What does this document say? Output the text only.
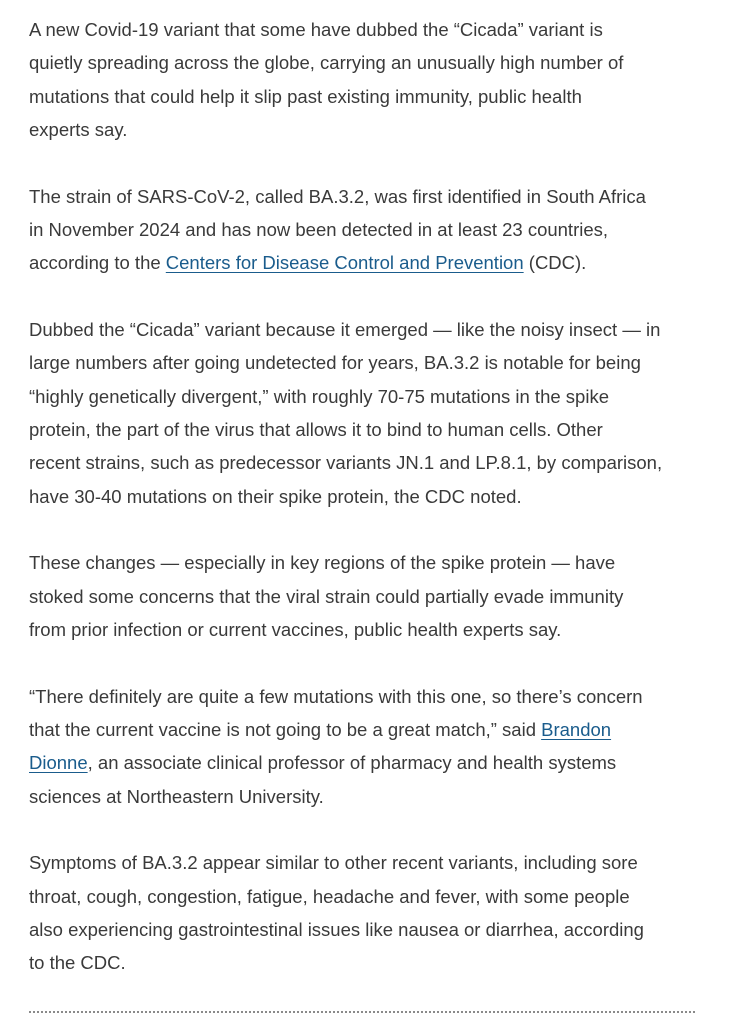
A new Covid-19 variant that some have dubbed the “Cicada” variant is
quietly spreading across the globe, carrying an unusually high number of
mutations that could help it slip past existing immunity, public health
experts say.

The strain of SARS-CoV-2, called BA.3.2, was first identified in South Africa
in November 2024 and has now been detected in at least 23 countries,
according to the Centers for Disease Control and Prevention (CDC).

Dubbed the “Cicada” variant because it emerged — like the noisy insect — in
large numbers after going undetected for years, BA.3.2 is notable for being
“highly genetically divergent,” with roughly 70-75 mutations in the spike
protein, the part of the virus that allows it to bind to human cells. Other
recent strains, such as predecessor variants JN.1 and LP.8.1, by comparison,
have 30-40 mutations on their spike protein, the CDC noted.

These changes — especially in key regions of the spike protein — have
stoked some concerns that the viral strain could partially evade immunity
from prior infection or current vaccines, public health experts say.

“There definitely are quite a few mutations with this one, so there’s concern
that the current vaccine is not going to be a great match,” said Brandon
Dionne, an associate clinical professor of pharmacy and health systems
sciences at Northeastern University.

Symptoms of BA.3.2 appear similar to other recent variants, including sore
throat, cough, congestion, fatigue, headache and fever, with some people
also experiencing gastrointestinal issues like nausea or diarrhea, according
to the CDC.
